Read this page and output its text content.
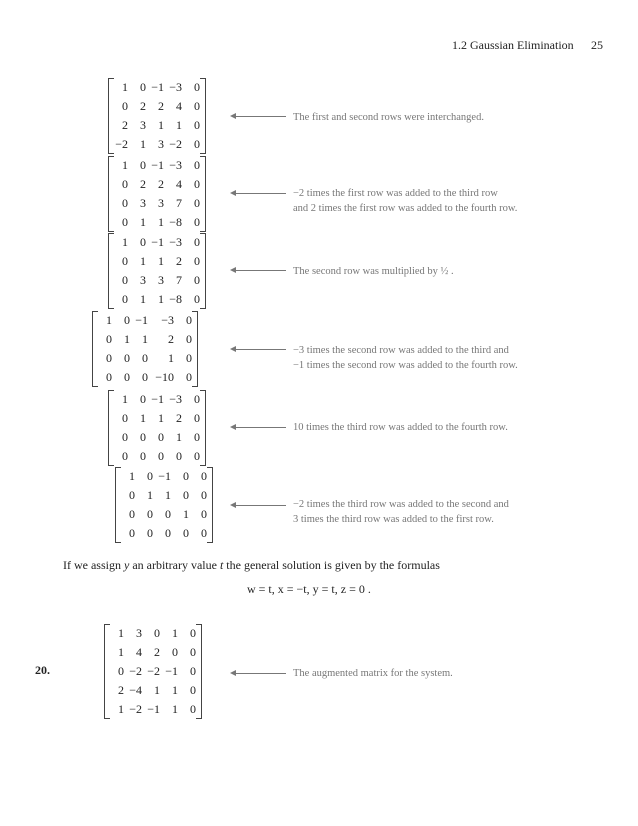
1.2 Gaussian Elimination 25
1	0	−1	−3	0
0	2	2	4	0
2	3	1	1	0
−2	1	3	−2	0
The first and second rows were interchanged.
1	0	−1	−3	0
0	2	2	4	0
0	3	3	7	0
0	1	1	−8	0
−2 times the first row was added to the third row
and 2 times the first row was added to the fourth row.
1	0	−1	−3	0
0	1	1	2	0
0	3	3	7	0
0	1	1	−8	0
The second row was multiplied by ½ .
1	0	−1	−3	0
0	1	1	2	0
0	0	0	1	0
0	0	0	−10	0
−3 times the second row was added to the third and
−1 times the second row was added to the fourth row.
1	0	−1	−3	0
0	1	1	2	0
0	0	0	1	0
0	0	0	0	0
10 times the third row was added to the fourth row.
1	0	−1	0	0
0	1	1	0	0
0	0	0	1	0
0	0	0	0	0
−2 times the third row was added to the second and
3 times the third row was added to the first row.
If we assign y an arbitrary value t the general solution is given by the formulas
w = t, x = −t, y = t, z = 0 .
20.
1	3	0	1	0
1	4	2	0	0
0	−2	−2	−1	0
2	−4	1	1	0
1	−2	−1	1	0
The augmented matrix for the system.
